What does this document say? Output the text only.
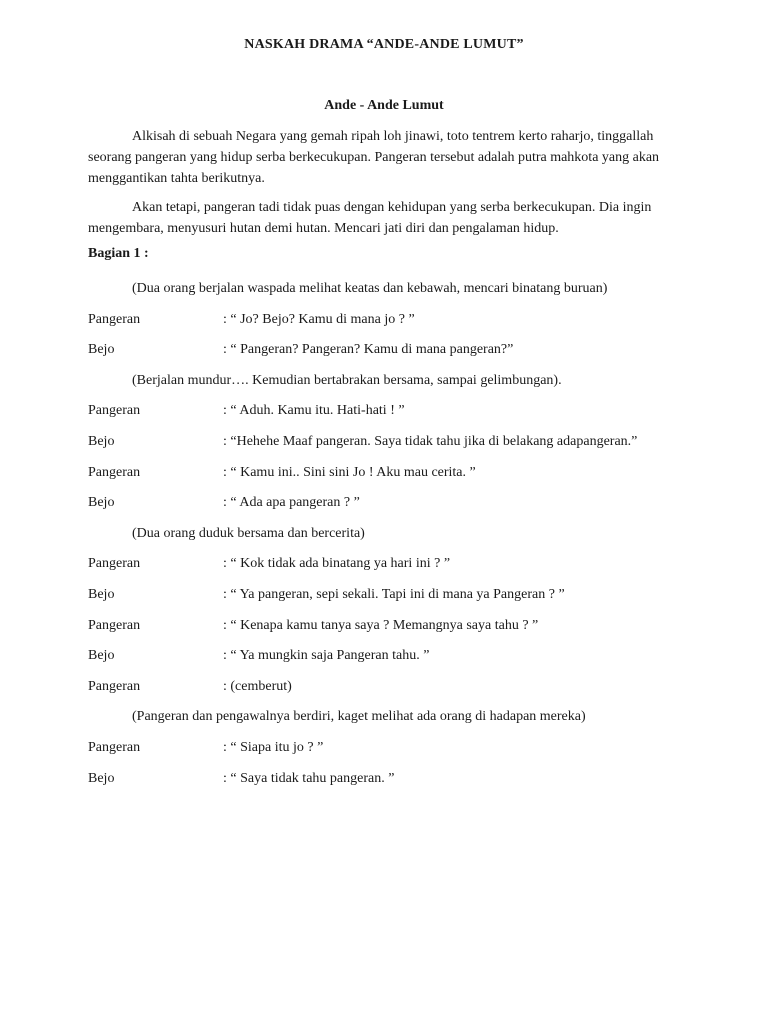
NASKAH DRAMA “ANDE-ANDE LUMUT”
Ande - Ande Lumut

Alkisah di sebuah Negara yang gemah ripah loh jinawi, toto tentrem kerto raharjo, tinggallah seorang pangeran yang hidup serba berkecukupan. Pangeran tersebut adalah putra mahkota yang akan menggantikan tahta berikutnya.

Akan tetapi, pangeran tadi tidak puas dengan kehidupan yang serba berkecukupan. Dia ingin mengembara, menyusuri hutan demi hutan. Mencari jati diri dan pengalaman hidup.

Bagian 1 :
(Dua orang berjalan waspada melihat keatas dan kebawah, mencari binatang buruan)
Pangeran	: “ Jo? Bejo? Kamu di mana jo ? ”
Bejo	: “ Pangeran? Pangeran? Kamu di mana pangeran?”
(Berjalan mundur…. Kemudian bertabrakan bersama, sampai gelimbungan).
Pangeran	: “ Aduh. Kamu itu. Hati-hati ! ”
Bejo	: “Hehehe Maaf pangeran. Saya tidak tahu jika di belakang adapangeran.”
Pangeran	: “ Kamu ini.. Sini sini Jo ! Aku mau cerita. ”
Bejo	: “ Ada apa pangeran ? ”
(Dua orang duduk bersama dan bercerita)
Pangeran	: “ Kok tidak ada binatang ya hari ini ? ”
Bejo	: “ Ya pangeran, sepi sekali. Tapi ini di mana ya Pangeran ? ”
Pangeran	: “ Kenapa kamu tanya saya ? Memangnya saya tahu ? ”
Bejo	: “ Ya mungkin saja Pangeran tahu. ”
Pangeran	: (cemberut)
(Pangeran dan pengawalnya berdiri, kaget melihat ada orang di hadapan mereka)
Pangeran	: “ Siapa itu jo ? ”
Bejo	: “ Saya tidak tahu pangeran. ”
